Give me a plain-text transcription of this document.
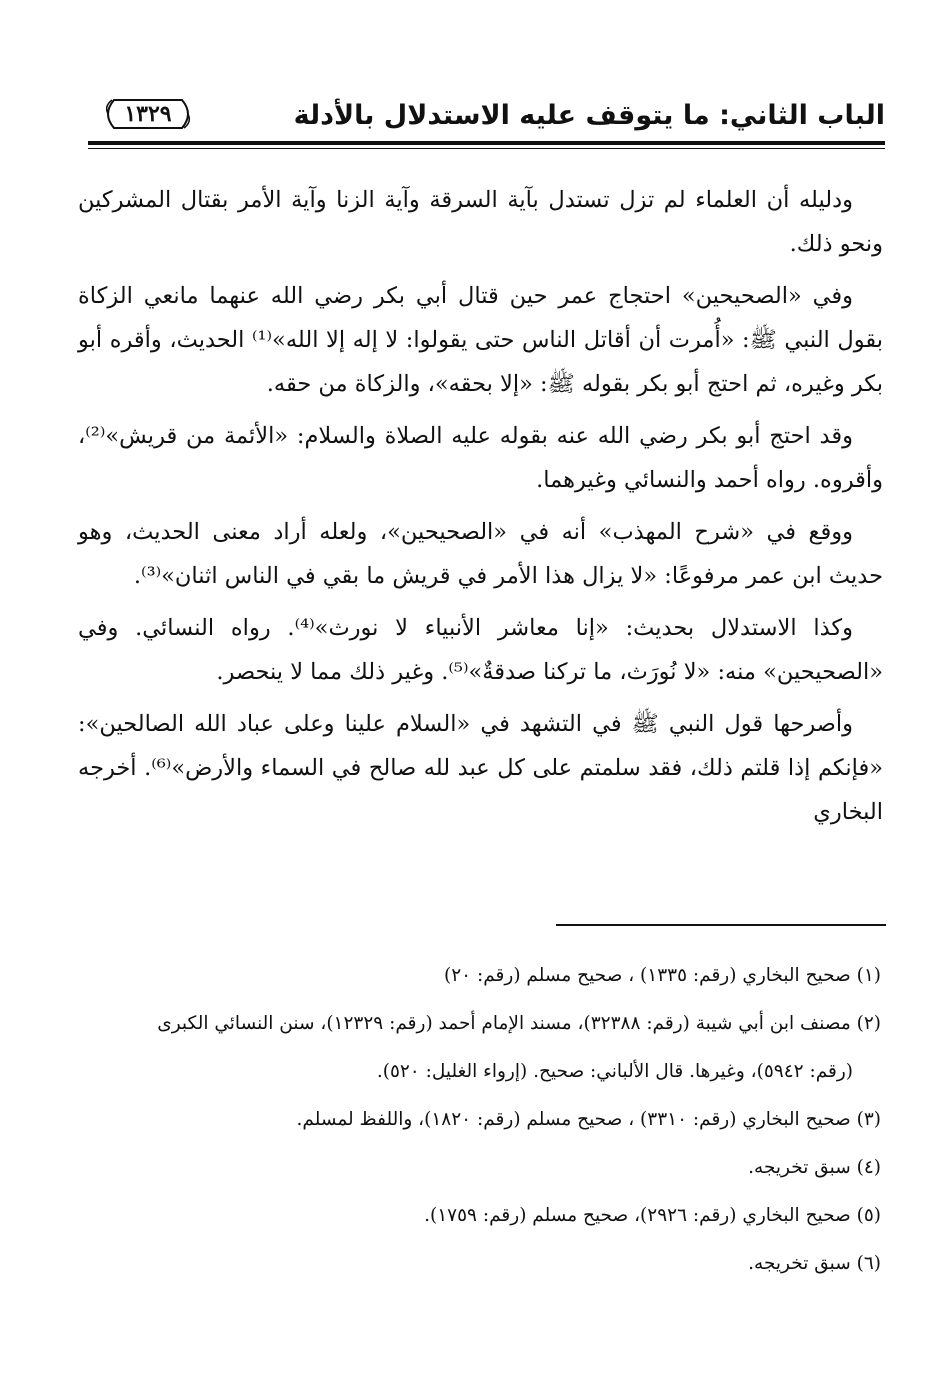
الباب الثاني: ما يتوقف عليه الاستدلال بالأدلة
١٣٢٩

ودليله أن العلماء لم تزل تستدل بآية السرقة وآية الزنا وآية الأمر بقتال المشركين ونحو ذلك.

وفي «الصحيحين» احتجاج عمر حين قتال أبي بكر رضي الله عنهما مانعي الزكاة بقول النبي ﷺ: «أُمرت أن أقاتل الناس حتى يقولوا: لا إله إلا الله»⁽¹⁾ الحديث، وأقره أبو بكر وغيره، ثم احتج أبو بكر بقوله ﷺ: «إلا بحقه»، والزكاة من حقه.

وقد احتج أبو بكر رضي الله عنه بقوله عليه الصلاة والسلام: «الأئمة من قريش»⁽²⁾، وأقروه. رواه أحمد والنسائي وغيرهما.

ووقع في «شرح المهذب» أنه في «الصحيحين»، ولعله أراد معنى الحديث، وهو حديث ابن عمر مرفوعًا: «لا يزال هذا الأمر في قريش ما بقي في الناس اثنان»⁽³⁾.

وكذا الاستدلال بحديث: «إنا معاشر الأنبياء لا نورث»⁽⁴⁾. رواه النسائي. وفي «الصحيحين» منه: «لا نُورَث، ما تركنا صدقةٌ»⁽⁵⁾. وغير ذلك مما لا ينحصر.

وأصرحها قول النبي ﷺ في التشهد في «السلام علينا وعلى عباد الله الصالحين»: «فإنكم إذا قلتم ذلك، فقد سلمتم على كل عبد لله صالح في السماء والأرض»⁽⁶⁾. أخرجه البخاري

(١) صحيح البخاري (رقم: ١٣٣٥) ، صحيح مسلم (رقم: ٢٠)

(٢) مصنف ابن أبي شيبة (رقم: ٣٢٣٨٨)، مسند الإمام أحمد (رقم: ١٢٣٢٩)، سنن النسائي الكبرى

(رقم: ٥٩٤٢)، وغيرها. قال الألباني: صحيح. (إرواء الغليل: ٥٢٠).

(٣) صحيح البخاري (رقم: ٣٣١٠) ، صحيح مسلم (رقم: ١٨٢٠)، واللفظ لمسلم.

(٤) سبق تخريجه.

(٥) صحيح البخاري (رقم: ٢٩٢٦)، صحيح مسلم (رقم: ١٧٥٩).

(٦) سبق تخريجه.
